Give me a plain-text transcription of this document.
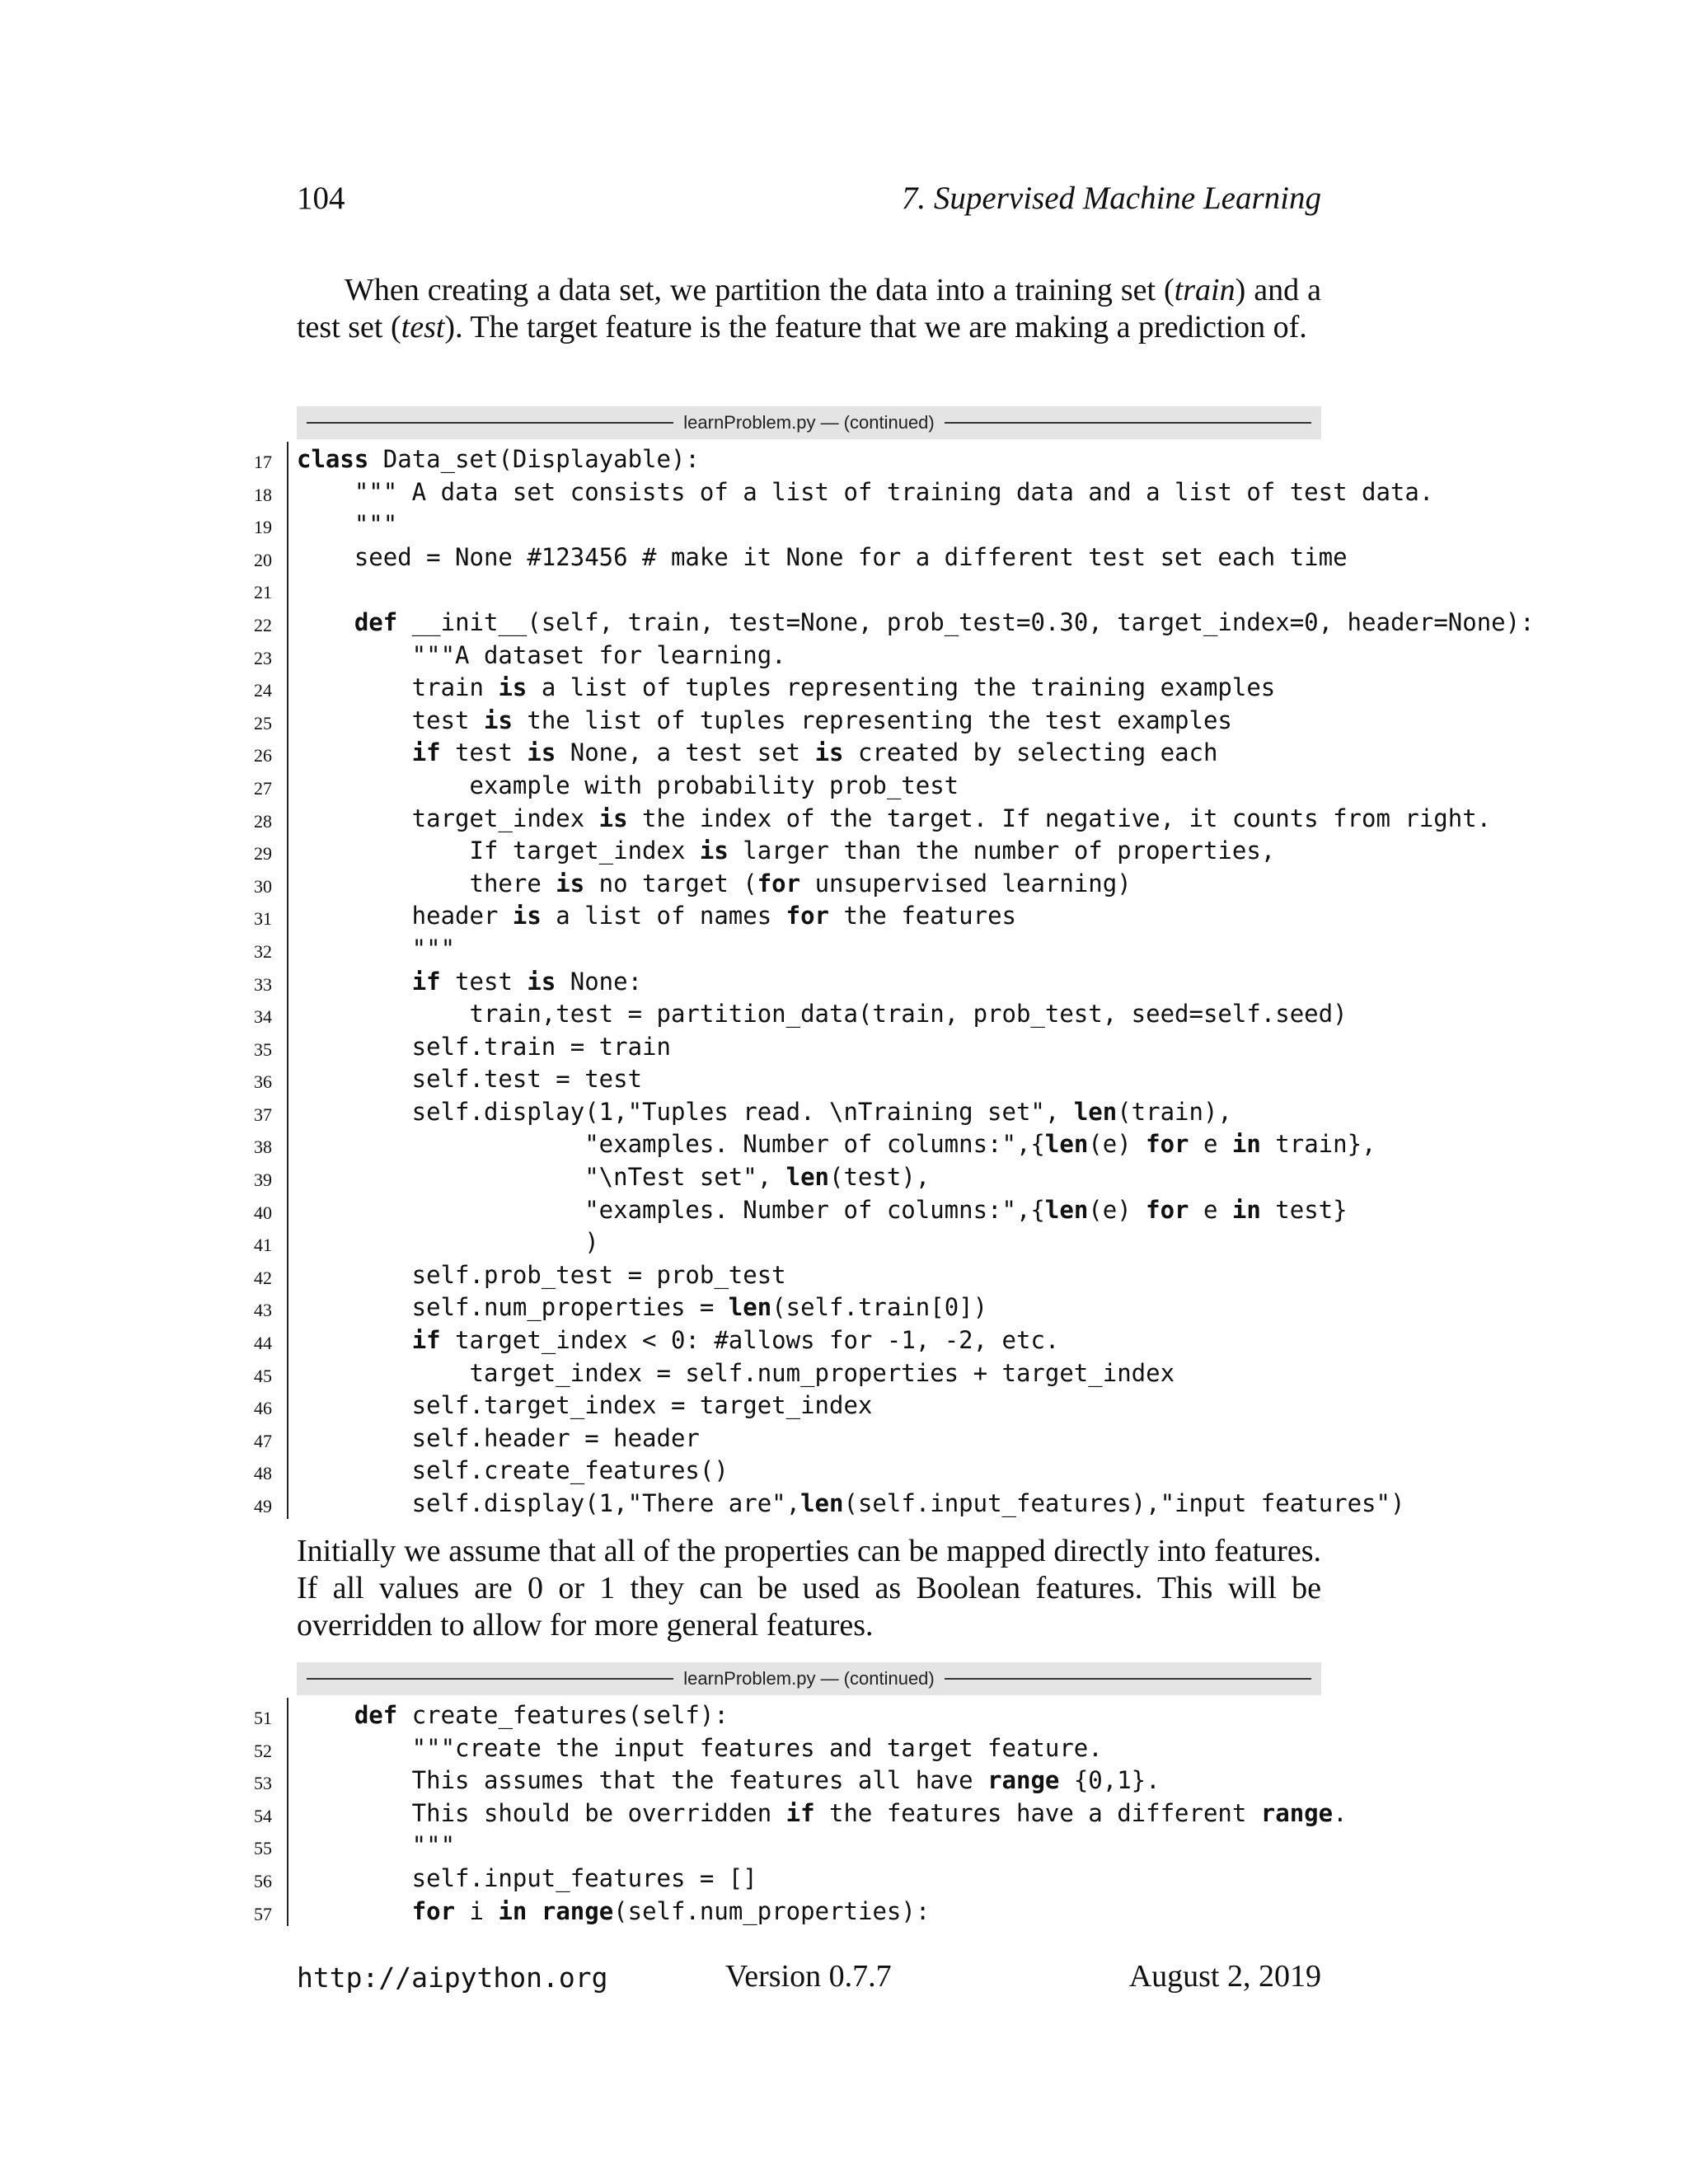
104	7. Supervised Machine Learning
When creating a data set, we partition the data into a training set (train) and a test set (test). The target feature is the feature that we are making a prediction of.
learnProblem.py — (continued)
17 class Data_set(Displayable):
18 """ A data set consists of a list of training data and a list of test data.
19 """
20 seed = None #123456 # make it None for a different test set each time
21
22	def __init__(self, train, test=None, prob_test=0.30, target_index=0, header=None):
23 """A dataset for learning.
24 train is a list of tuples representing the training examples
25 test is the list of tuples representing the test examples
26	if test is None, a test set is created by selecting each
27 example with probability prob_test
28 target_index is the index of the target. If negative, it counts from right.
29 If target_index is larger than the number of properties,
30 there is no target (for unsupervised learning)
31 header is a list of names for the features
32 """
33	if test is None:
34 train,test = partition_data(train, prob_test, seed=self.seed)
35 self.train = train
36 self.test = test
37 self.display(1,"Tuples read. \nTraining set", len(train),
38 "examples. Number of columns:",{len(e) for e in train},
39 "\nTest set", len(test),
40 "examples. Number of columns:",{len(e) for e in test}
41 )
42 self.prob_test = prob_test
43 self.num_properties = len(self.train[0])
44	if target_index < 0: #allows for -1, -2, etc.
45 target_index = self.num_properties + target_index
46 self.target_index = target_index
47 self.header = header
48 self.create_features()
49 self.display(1,"There are",len(self.input_features),"input features")
Initially we assume that all of the properties can be mapped directly into features. If all values are 0 or 1 they can be used as Boolean features. This will be overridden to allow for more general features.
learnProblem.py — (continued)
51	def create_features(self):
52 """create the input features and target feature.
53 This assumes that the features all have range {0,1}.
54 This should be overridden if the features have a different range.
55 """
56 self.input_features = []
57	for i in range(self.num_properties):
http://aipython.org	Version 0.7.7	August 2, 2019
